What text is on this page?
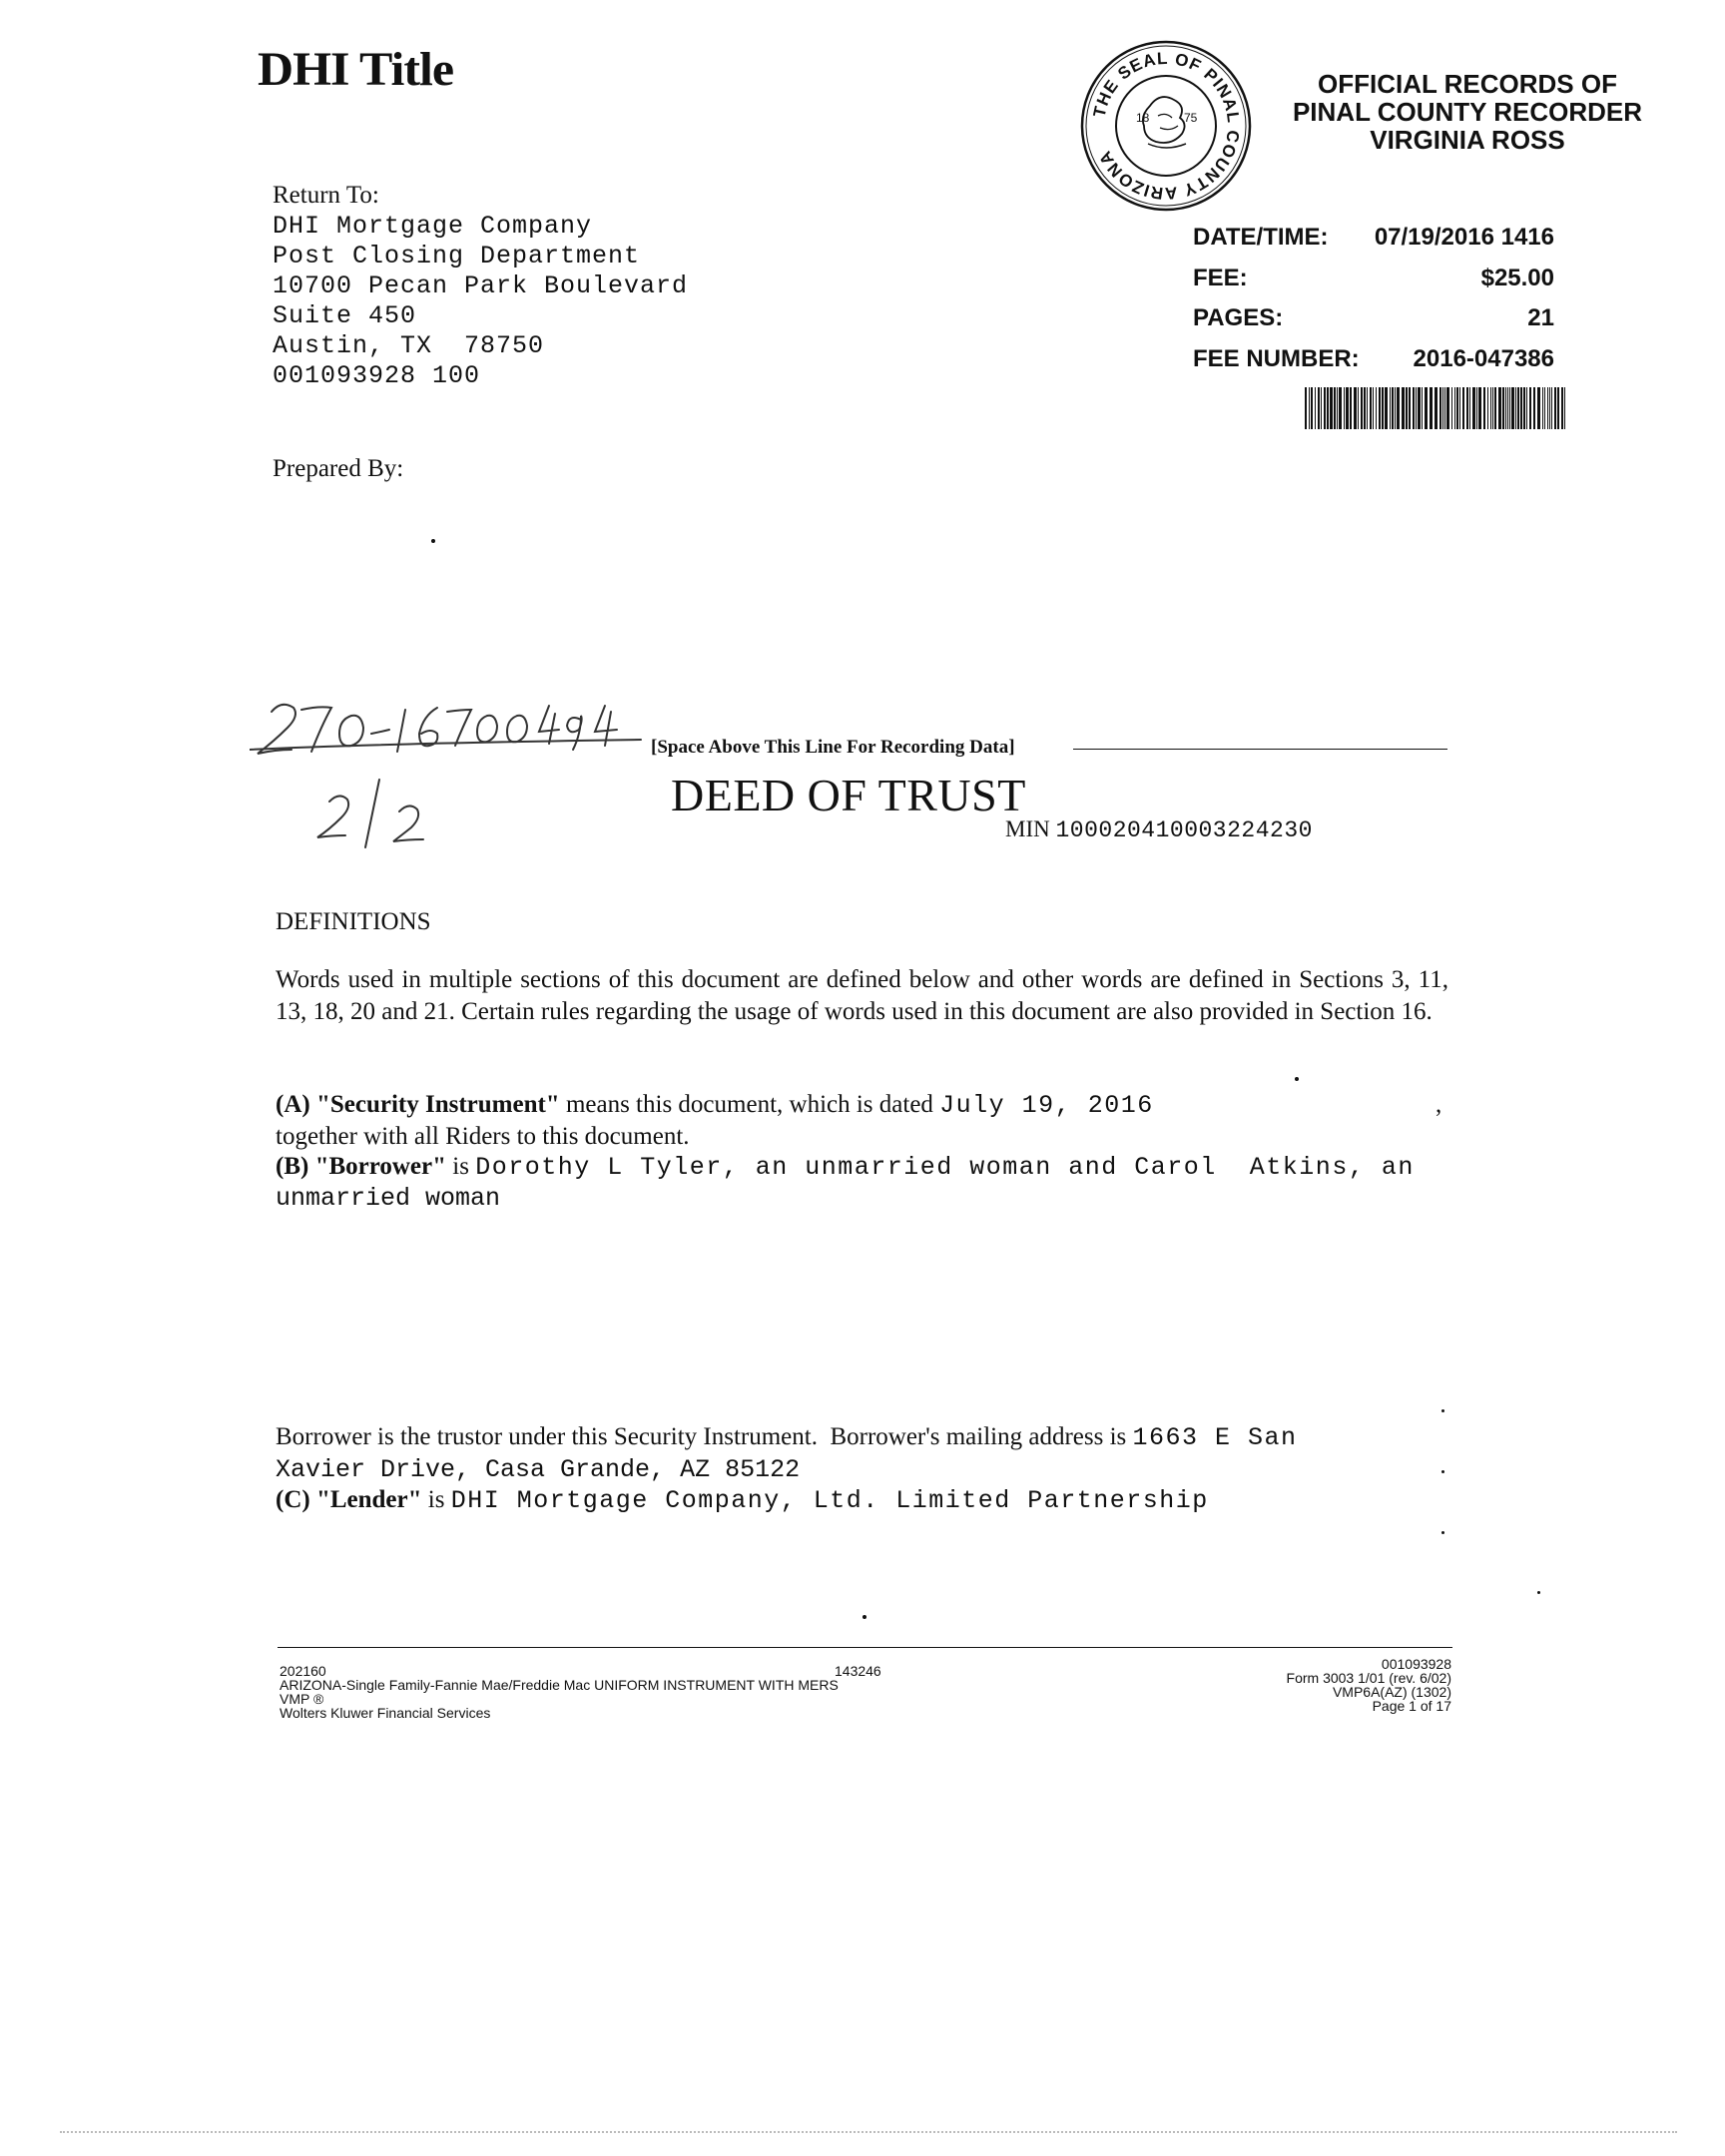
DHI Title
Return To:
DHI Mortgage Company
Post Closing Department
10700 Pecan Park Boulevard
Suite 450
Austin, TX  78750
001093928 100
Prepared By:
THE SEAL OF PINAL COUNTY ARIZONA
18	75
OFFICIAL RECORDS OF
PINAL COUNTY RECORDER
VIRGINIA ROSS
DATE/TIME: 07/19/2016 1416
FEE:	$25.00
PAGES:	21
FEE NUMBER: 2016-047386
[Space Above This Line For Recording Data]
DEED OF TRUST
MIN 100020410003224230
DEFINITIONS
Words used in multiple sections of this document are defined below and other words are defined in Sections 3, 11, 13, 18, 20 and 21. Certain rules regarding the usage of words used in this document are also provided in Section 16.
(A) "Security Instrument" means this document, which is dated July 19, 2016	,
together with all Riders to this document.
(B) "Borrower" is Dorothy L Tyler, an unmarried woman and Carol  Atkins, an
unmarried woman
Borrower is the trustor under this Security Instrument.  Borrower's mailing address is 1663 E San
Xavier Drive, Casa Grande, AZ 85122
(C) "Lender" is DHI Mortgage Company, Ltd. Limited Partnership
202160
ARIZONA-Single Family-Fannie Mae/Freddie Mac UNIFORM INSTRUMENT WITH MERS
VMP ®
Wolters Kluwer Financial Services
143246	001093928
Form 3003 1/01 (rev. 6/02)
VMP6A(AZ) (1302)
Page 1 of 17
